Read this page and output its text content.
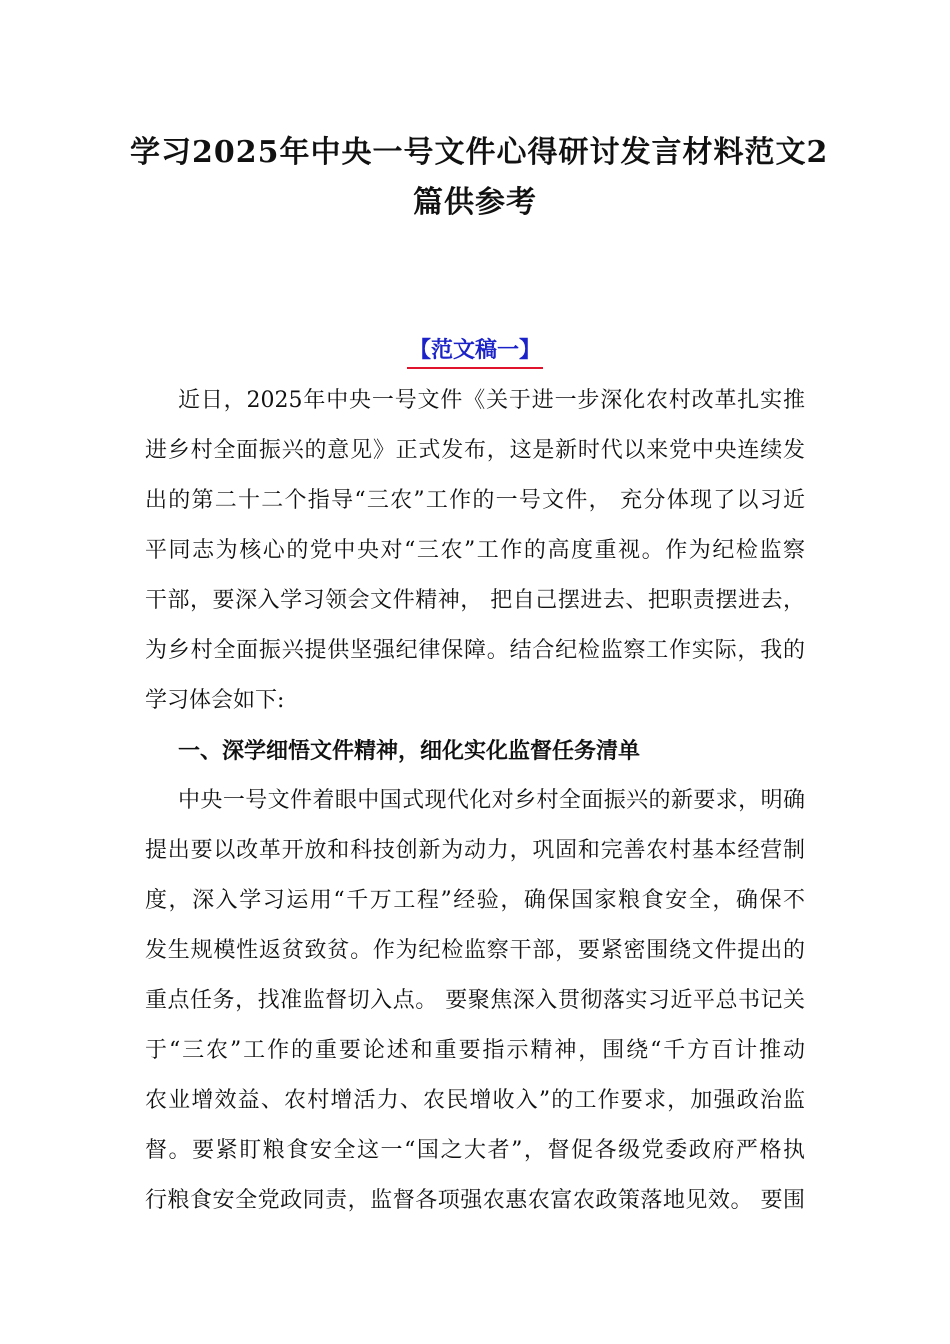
学习2025年中央一号文件心得研讨发言材料范文2
篇供参考
【范文稿一】
近日，2025年中央一号文件《关于进一步深化农村改革扎实推
进乡村全面振兴的意见》正式发布，这是新时代以来党中央连续发
出的第二十二个指导“三农”工作的一号文件， 充分体现了以习近
平同志为核心的党中央对“三农”工作的高度重视。作为纪检监察
干部，要深入学习领会文件精神， 把自己摆进去、把职责摆进去，
为乡村全面振兴提供坚强纪律保障。结合纪检监察工作实际，我的
学习体会如下:
一、深学细悟文件精神，细化实化监督任务清单
中央一号文件着眼中国式现代化对乡村全面振兴的新要求，明确
提出要以改革开放和科技创新为动力，巩固和完善农村基本经营制
度，深入学习运用“千万工程”经验，确保国家粮食安全，确保不
发生规模性返贫致贫。作为纪检监察干部，要紧密围绕文件提出的
重点任务，找准监督切入点。 要聚焦深入贯彻落实习近平总书记关
于“三农”工作的重要论述和重要指示精神，围绕“千方百计推动
农业增效益、农村增活力、农民增收入”的工作要求，加强政治监
督。要紧盯粮食安全这一“国之大者”，督促各级党委政府严格执
行粮食安全党政同责，监督各项强农惠农富农政策落地见效。 要围
